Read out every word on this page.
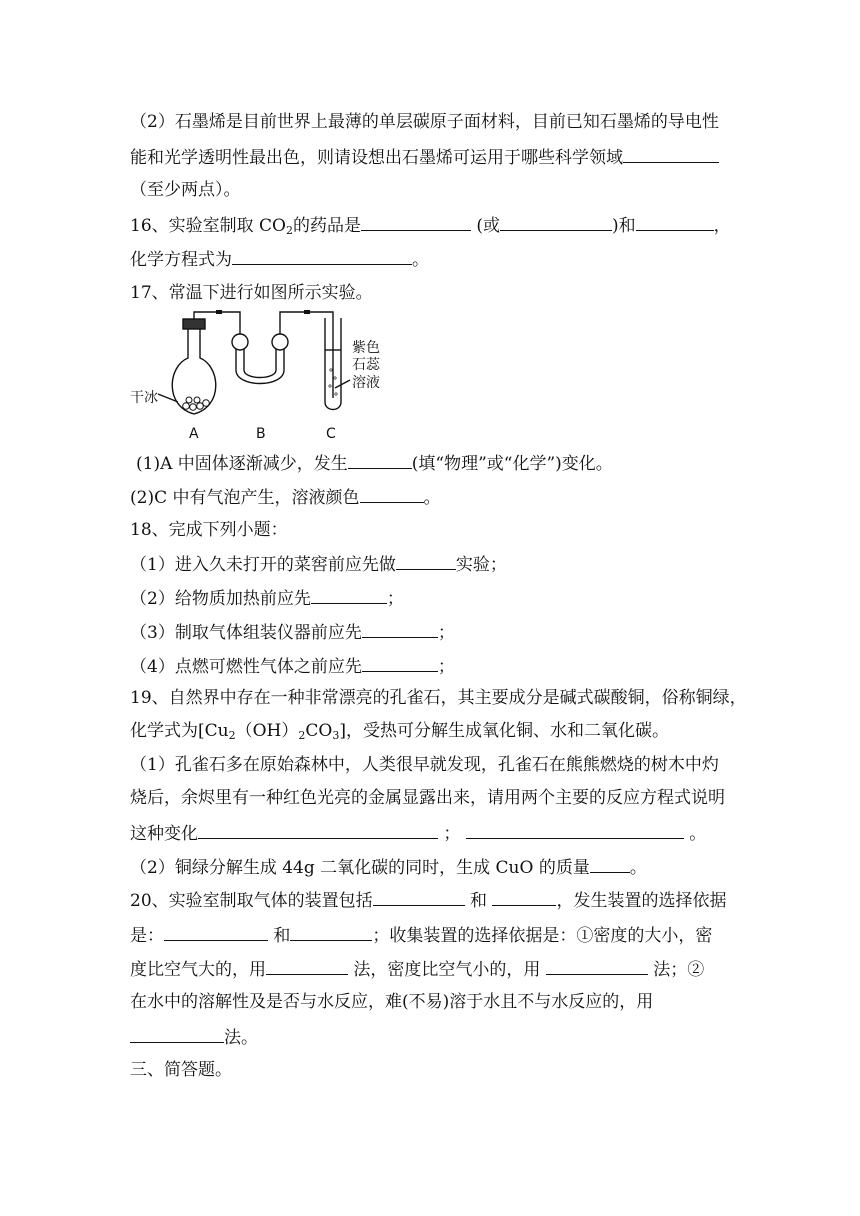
（2）石墨烯是目前世界上最薄的单层碳原子面材料，目前已知石墨烯的导电性
能和光学透明性最出色，则请设想出石墨烯可运用于哪些科学领域
（至少两点）。
16、实验室制取 $CO_2$的药品是	(或	)和	，
化学方程式为	。
17、常温下进行如图所示实验。
干冰
紫色
石蕊
溶液
A	B	C
(1)A 中固体逐渐减少，发生	(填“物理”或“化学”)变化。
(2)C 中有气泡产生，溶液颜色	。
18、完成下列小题：
（1）进入久未打开的菜窖前应先做	实验；
（2）给物质加热前应先	；
（3）制取气体组装仪器前应先	；
（4）点燃可燃性气体之前应先	；
19、自然界中存在一种非常漂亮的孔雀石，其主要成分是碱式碳酸铜，俗称铜绿，
化学式为$[Cu_2(OH)_2CO_3]$，受热可分解生成氧化铜、水和二氧化碳。
（1）孔雀石多在原始森林中，人类很早就发现，孔雀石在熊熊燃烧的树木中灼
烧后，余烬里有一种红色光亮的金属显露出来，请用两个主要的反应方程式说明
这种变化	；	。
（2）铜绿分解生成 44g 二氧化碳的同时，生成 CuO 的质量 。
20、实验室制取气体的装置包括	和	，发生装置的选择依据
是：	和	；收集装置的选择依据是：①密度的大小，密
度比空气大的，用	法，密度比空气小的，用	法；②
在水中的溶解性及是否与水反应，难(不易)溶于水且不与水反应的，用
法。
三、简答题。
